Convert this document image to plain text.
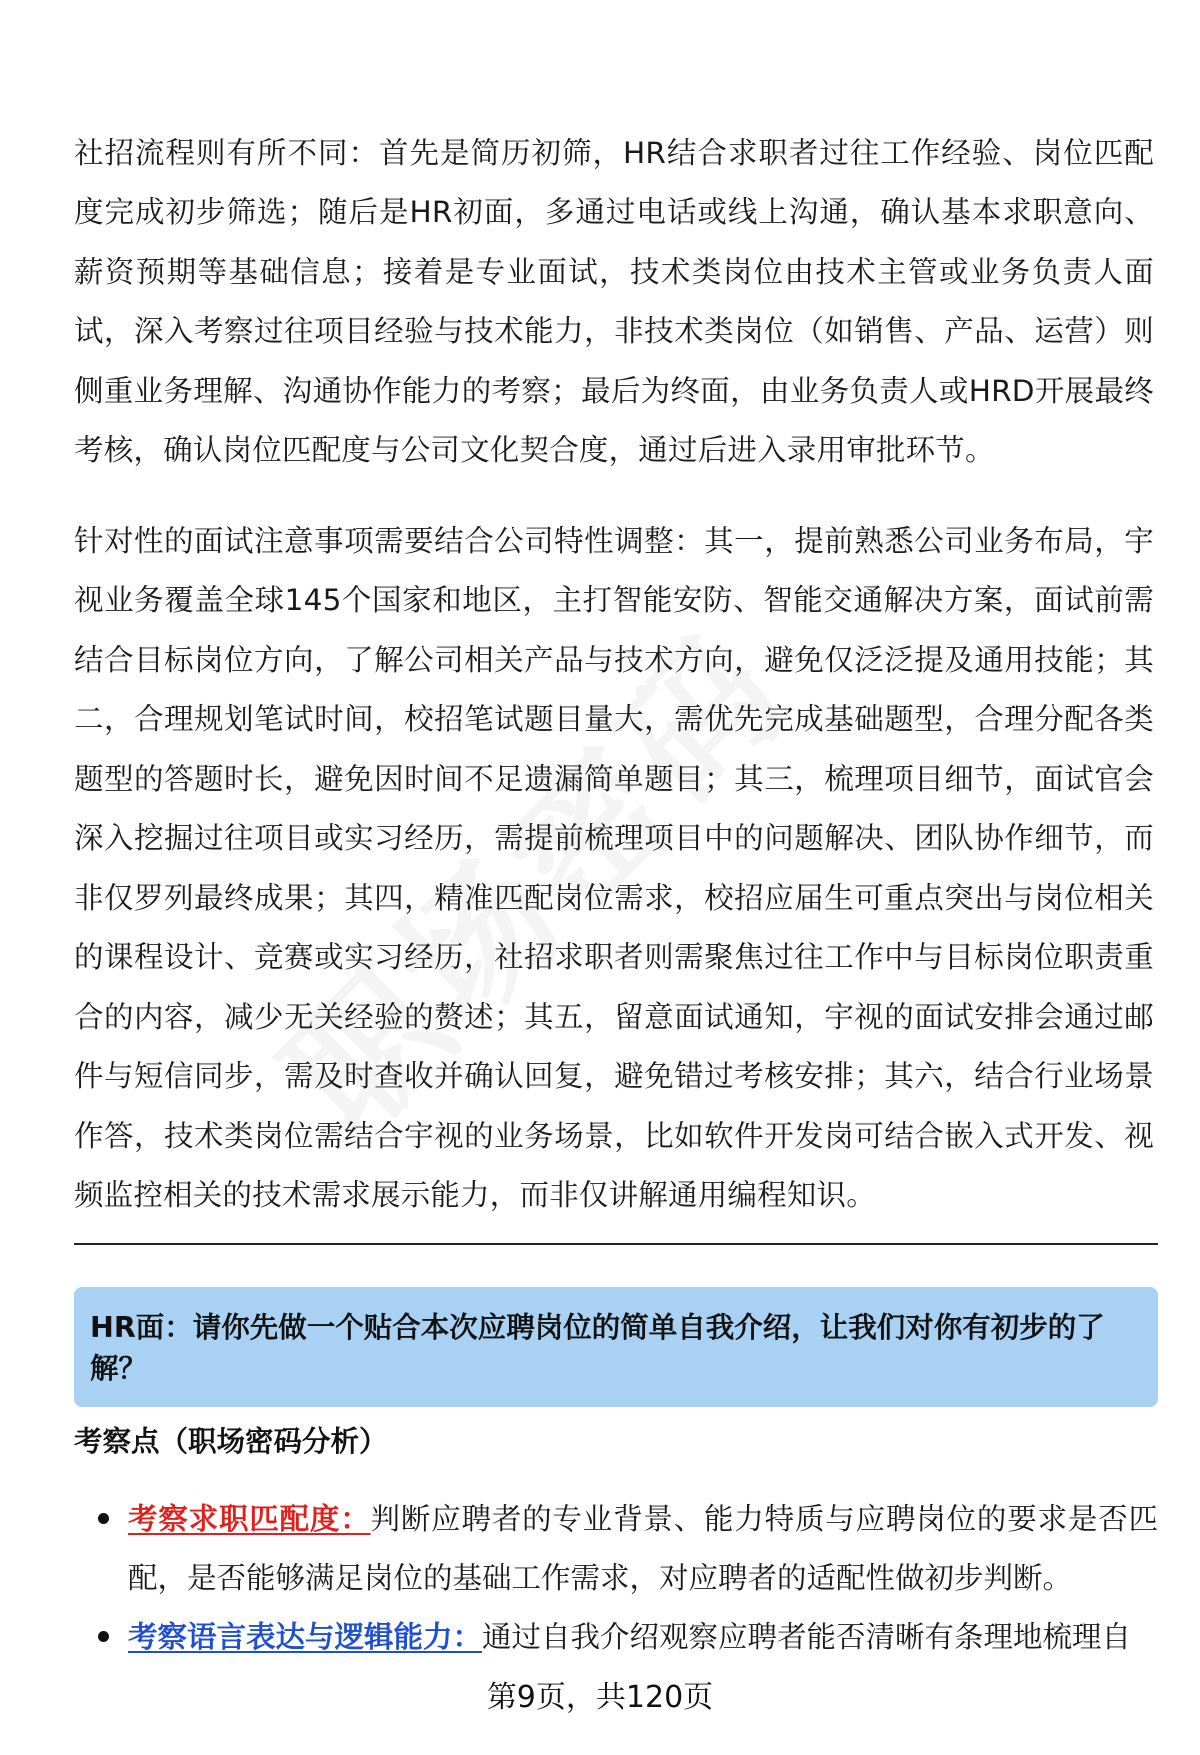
社招流程则有所不同：首先是简历初筛，HR结合求职者过往工作经验、岗位匹配度完成初步筛选；随后是HR初面，多通过电话或线上沟通，确认基本求职意向、薪资预期等基础信息；接着是专业面试，技术类岗位由技术主管或业务负责人面试，深入考察过往项目经验与技术能力，非技术类岗位（如销售、产品、运营）则侧重业务理解、沟通协作能力的考察；最后为终面，由业务负责人或HRD开展最终考核，确认岗位匹配度与公司文化契合度，通过后进入录用审批环节。

针对性的面试注意事项需要结合公司特性调整：其一，提前熟悉公司业务布局，宇视业务覆盖全球145个国家和地区，主打智能安防、智能交通解决方案，面试前需结合目标岗位方向，了解公司相关产品与技术方向，避免仅泛泛提及通用技能；其二，合理规划笔试时间，校招笔试题目量大，需优先完成基础题型，合理分配各类题型的答题时长，避免因时间不足遗漏简单题目；其三，梳理项目细节，面试官会深入挖掘过往项目或实习经历，需提前梳理项目中的问题解决、团队协作细节，而非仅罗列最终成果；其四，精准匹配岗位需求，校招应届生可重点突出与岗位相关的课程设计、竞赛或实习经历，社招求职者则需聚焦过往工作中与目标岗位职责重合的内容，减少无关经验的赘述；其五，留意面试通知，宇视的面试安排会通过邮件与短信同步，需及时查收并确认回复，避免错过考核安排；其六，结合行业场景作答，技术类岗位需结合宇视的业务场景，比如软件开发岗可结合嵌入式开发、视频监控相关的技术需求展示能力，而非仅讲解通用编程知识。

HR面：请你先做一个贴合本次应聘岗位的简单自我介绍，让我们对你有初步的了解？
考察点（职场密码分析）
考察求职匹配度：判断应聘者的专业背景、能力特质与应聘岗位的要求是否匹配，是否能够满足岗位的基础工作需求，对应聘者的适配性做初步判断。
考察语言表达与逻辑能力：通过自我介绍观察应聘者能否清晰有条理地梳理自
第9页，共120页
